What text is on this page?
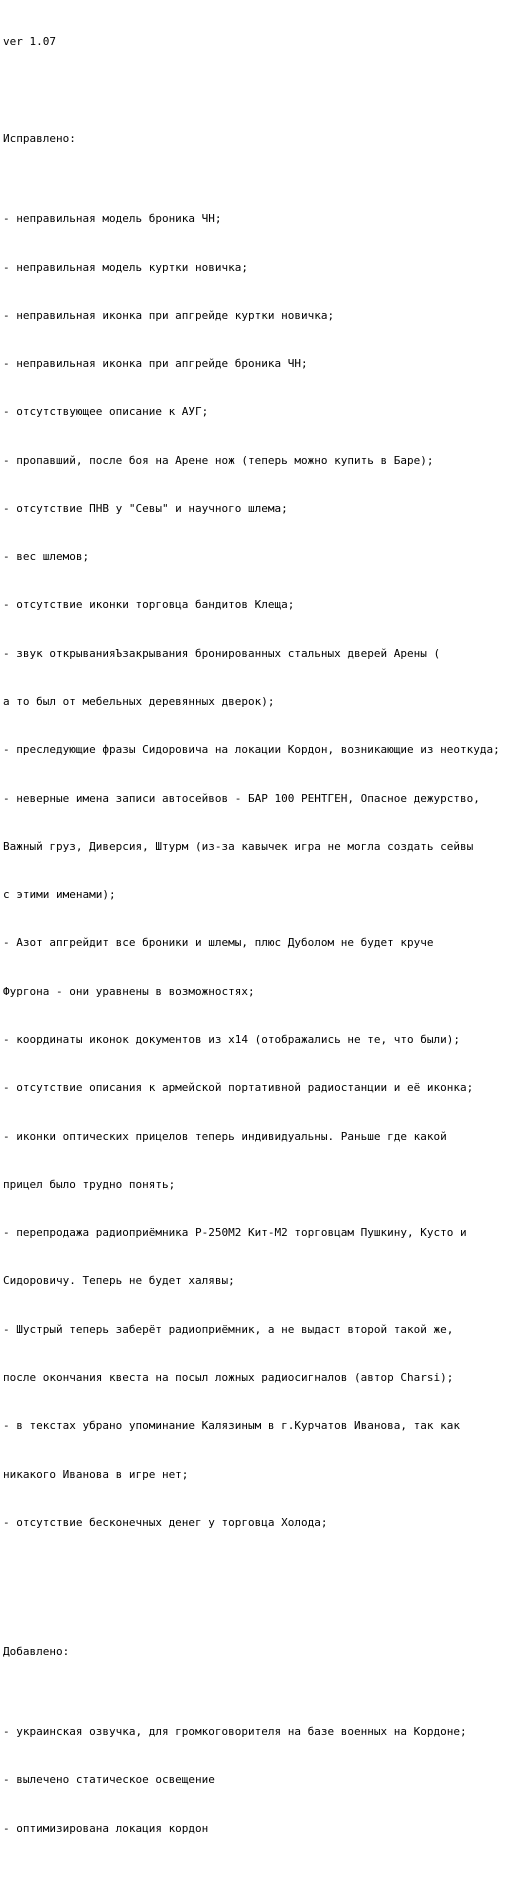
ver 1.07

Исправлено:

- неправильная модель броника ЧН;

- неправильная модель куртки новичка;

- неправильная иконка при апгрейде куртки новичка;

- неправильная иконка при апгрейде броника ЧН;

- отсутствующее описание к АУГ;

- пропавший, после боя на Арене нож (теперь можно купить в Баре);

- отсутствие ПНВ у "Севы" и научного шлема;

- вес шлемов;

- отсутствие иконки торговца бандитов Клеща;

- звук открыванияЪзакрывания бронированных стальных дверей Арены (

а то был от мебельных деревянных дверок);

- преследующие фразы Сидоровича на локации Кордон, возникающие из неоткуда;

- неверные имена записи автосейвов - БАР 100 РЕНТГЕН, Опасное дежурство,

Важный груз, Диверсия, Штурм (из-за кавычек игра не могла создать сейвы

с этими именами);

- Азот апгрейдит все броники и шлемы, плюс Дуболом не будет круче

Фургона - они уравнены в возможностях;

- координаты иконок документов из х14 (отображались не те, что были);

- отсутствие описания к армейской портативной радиостанции и её иконка;

- иконки оптических прицелов теперь индивидуальны. Раньше где какой

прицел было трудно понять;

- перепродажа радиоприёмника Р-250М2 Кит-М2 торговцам Пушкину, Кусто и

Сидоровичу. Теперь не будет халявы;

- Шустрый теперь заберёт радиоприёмник, а не выдаст второй такой же,

после окончания квеста на посыл ложных радиосигналов (автор Charsi);

- в текстах убрано упоминание Калязиным в г.Курчатов Иванова, так как

никакого Иванова в игре нет;

- отсутствие бесконечных денег у торговца Холода;

Добавлено:

- украинская озвучка, для громкоговорителя на базе военных на Кордоне;

- вылечено статическое освещение

- оптимизирована локация кордон
